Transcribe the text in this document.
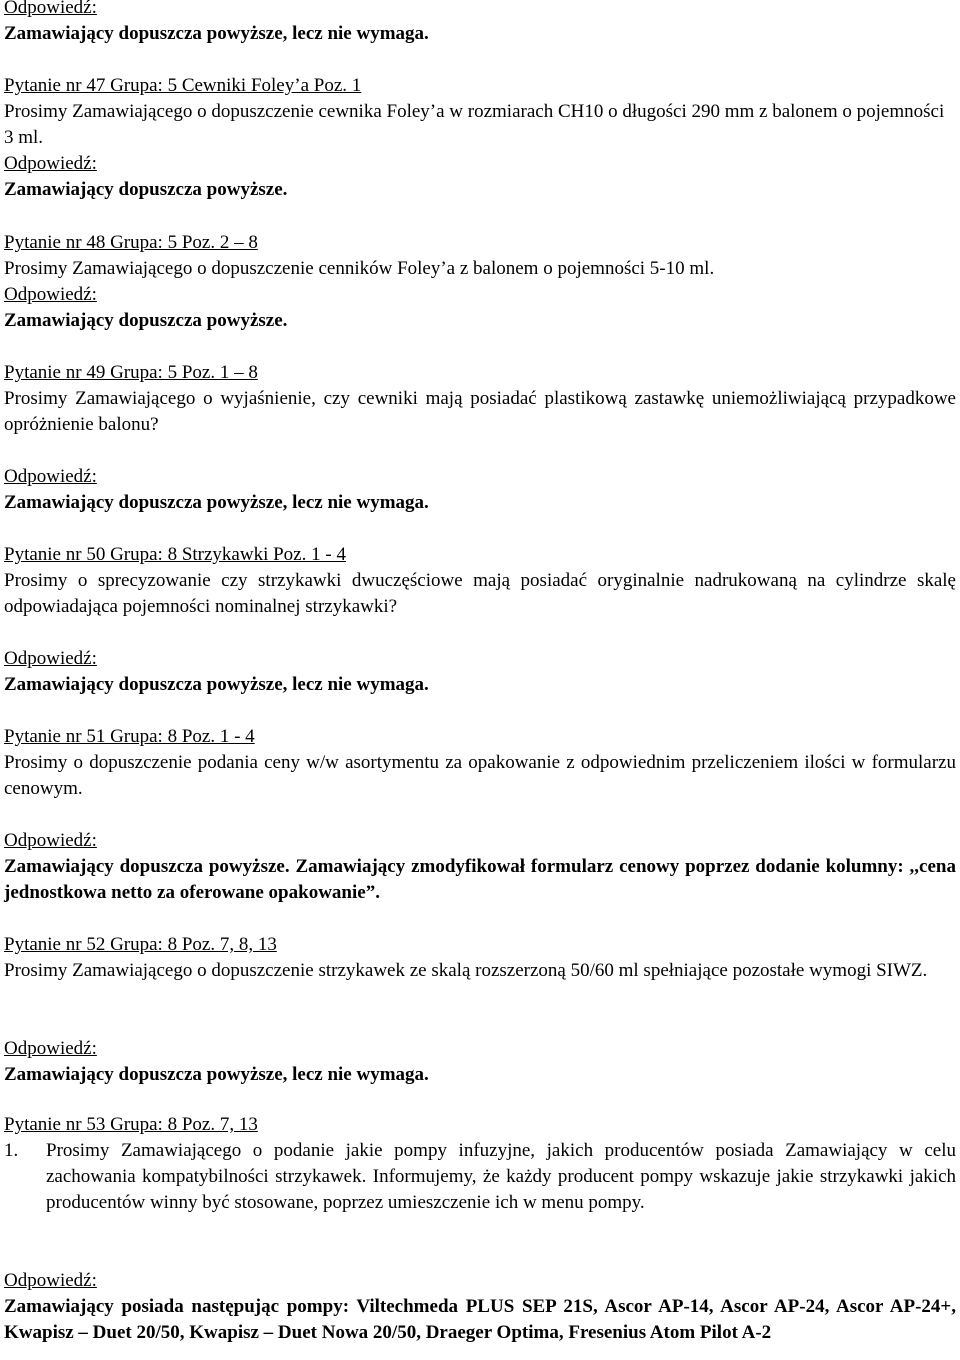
Odpowiedź:

Zamawiający dopuszcza powyższe, lecz nie wymaga.

Pytanie nr 47 Grupa: 5 Cewniki Foley’a Poz. 1

Prosimy Zamawiającego o dopuszczenie cewnika Foley’a w rozmiarach CH10 o długości 290 mm z balonem o pojemności 3 ml.

Odpowiedź:

Zamawiający dopuszcza powyższe.

Pytanie nr 48 Grupa: 5 Poz. 2 – 8

Prosimy Zamawiającego o dopuszczenie cenników Foley’a z balonem o pojemności 5-10 ml.

Odpowiedź:

Zamawiający dopuszcza powyższe.

Pytanie nr 49 Grupa: 5 Poz. 1 – 8

Prosimy Zamawiającego o wyjaśnienie, czy cewniki mają posiadać plastikową zastawkę uniemożliwiającą przypadkowe opróżnienie balonu?

Odpowiedź:

Zamawiający dopuszcza powyższe, lecz nie wymaga.

Pytanie nr 50 Grupa: 8 Strzykawki Poz. 1 - 4

Prosimy o sprecyzowanie czy strzykawki dwuczęściowe mają posiadać oryginalnie nadrukowaną na cylindrze skalę odpowiadająca pojemności nominalnej strzykawki?

Odpowiedź:

Zamawiający dopuszcza powyższe, lecz nie wymaga.

Pytanie nr 51 Grupa: 8 Poz. 1 - 4

Prosimy o dopuszczenie podania ceny w/w asortymentu za opakowanie z odpowiednim przeliczeniem ilości w formularzu cenowym.

Odpowiedź:

Zamawiający dopuszcza powyższe. Zamawiający zmodyfikował formularz cenowy poprzez dodanie kolumny: ,,cena jednostkowa netto za oferowane opakowanie”.

Pytanie nr 52 Grupa: 8 Poz. 7, 8, 13

Prosimy Zamawiającego o dopuszczenie strzykawek ze skalą rozszerzoną 50/60 ml spełniające pozostałe wymogi SIWZ.

Odpowiedź:

Zamawiający dopuszcza powyższe, lecz nie wymaga.

Pytanie nr 53 Grupa: 8 Poz. 7, 13

1.	Prosimy Zamawiającego o podanie jakie pompy infuzyjne, jakich producentów posiada Zamawiający w celu zachowania kompatybilności strzykawek. Informujemy, że każdy producent pompy wskazuje jakie strzykawki jakich producentów winny być stosowane, poprzez umieszczenie ich w menu pompy.

Odpowiedź:

Zamawiający posiada następując pompy: Viltechmeda PLUS SEP 21S, Ascor AP-14, Ascor AP-24, Ascor AP-24+, Kwapisz – Duet 20/50, Kwapisz – Duet Nowa 20/50, Draeger Optima, Fresenius Atom Pilot A-2
